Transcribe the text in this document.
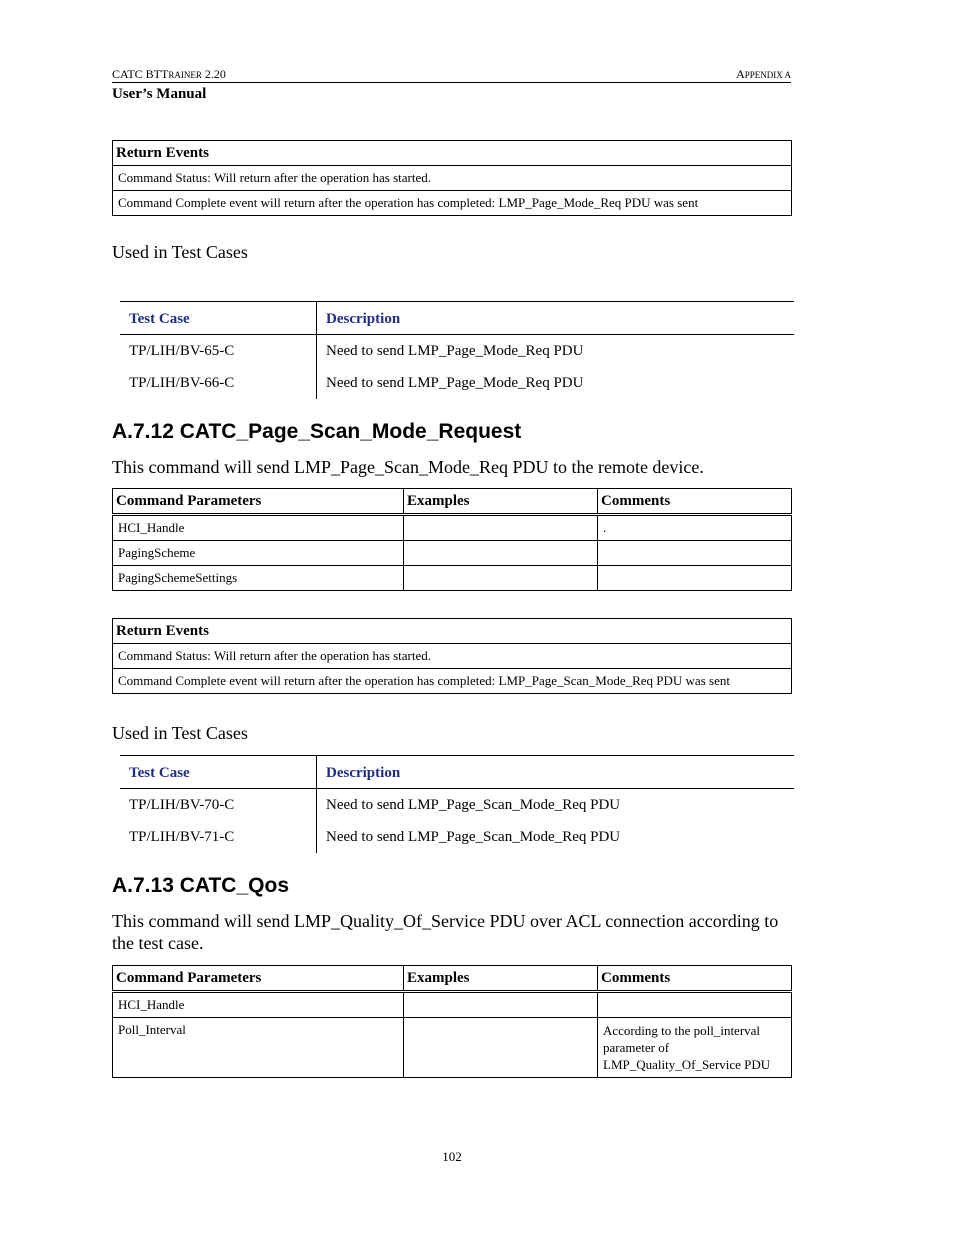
CATC BTTRAINER 2.20	APPENDIX A
User’s Manual
Return Events
Command Status: Will return after the operation has started.
Command Complete event will return after the operation has completed: LMP_Page_Mode_Req PDU was sent
Used in Test Cases
Test Case	Description
TP/LIH/BV-65-C	Need to send LMP_Page_Mode_Req PDU
TP/LIH/BV-66-C	Need to send LMP_Page_Mode_Req PDU
A.7.12 CATC_Page_Scan_Mode_Request
This command will send LMP_Page_Scan_Mode_Req PDU to the remote device.
Command Parameters	Examples	Comments
HCI_Handle		.
PagingScheme		
PagingSchemeSettings		
Return Events
Command Status: Will return after the operation has started.
Command Complete event will return after the operation has completed: LMP_Page_Scan_Mode_Req PDU was sent
Used in Test Cases
Test Case	Description
TP/LIH/BV-70-C	Need to send LMP_Page_Scan_Mode_Req PDU
TP/LIH/BV-71-C	Need to send LMP_Page_Scan_Mode_Req PDU
A.7.13 CATC_Qos
This command will send LMP_Quality_Of_Service PDU over ACL connection according to the test case.
Command Parameters	Examples	Comments
HCI_Handle		
Poll_Interval		According to the poll_interval parameter of LMP_Quality_Of_Service PDU
102
